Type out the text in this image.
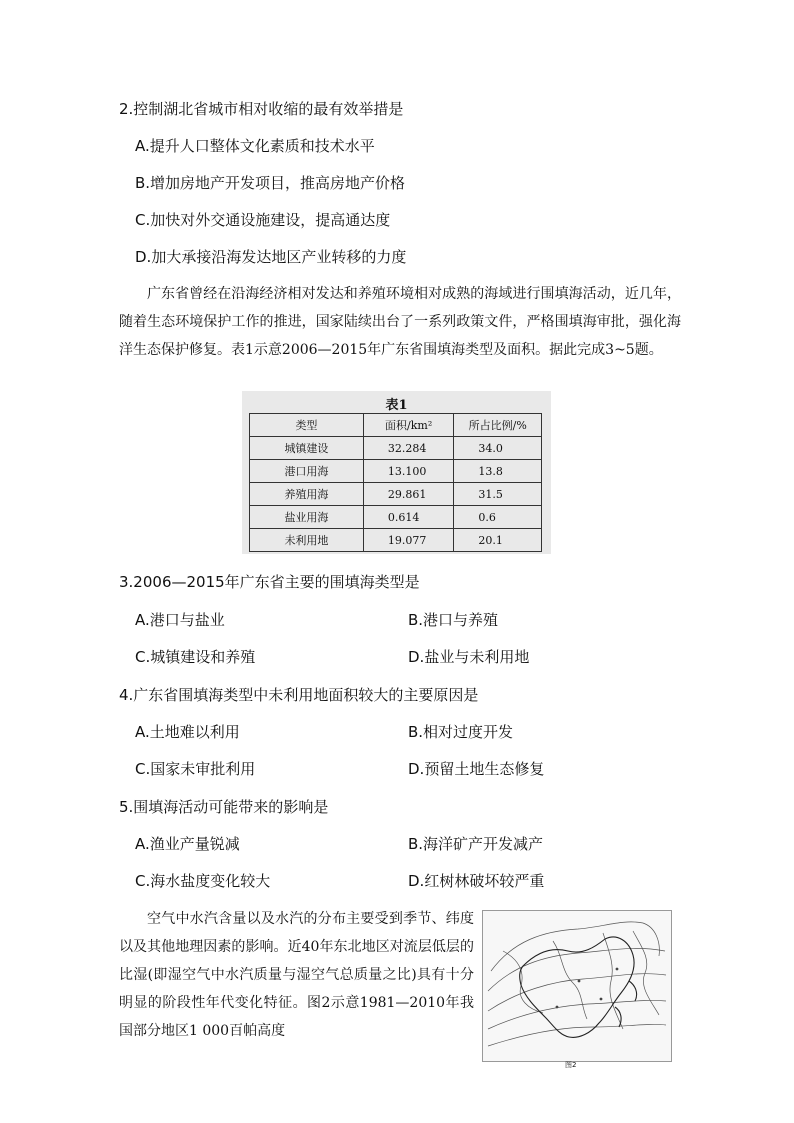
2.控制湖北省城市相对收缩的最有效举措是
A.提升人口整体文化素质和技术水平
B.增加房地产开发项目，推高房地产价格
C.加快对外交通设施建设，提高通达度
D.加大承接沿海发达地区产业转移的力度
广东省曾经在沿海经济相对发达和养殖环境相对成熟的海域进行围填海活动，近几年，随着生态环境保护工作的推进，国家陆续出台了一系列政策文件，严格围填海审批，强化海洋生态保护修复。表1示意2006—2015年广东省围填海类型及面积。据此完成3~5题。
表1
类型	面积/km²	所占比例/%
城镇建设	32.284	34.0
港口用海	13.100	13.8
养殖用海	29.861	31.5
盐业用海	0.614	0.6
未利用地	19.077	20.1
3.2006—2015年广东省主要的围填海类型是
A.港口与盐业	B.港口与养殖
C.城镇建设和养殖	D.盐业与未利用地
4.广东省围填海类型中未利用地面积较大的主要原因是
A.土地难以利用	B.相对过度开发
C.国家未审批利用	D.预留土地生态修复
5.围填海活动可能带来的影响是
A.渔业产量锐减	B.海洋矿产开发减产
C.海水盐度变化较大	D.红树林破坏较严重
空气中水汽含量以及水汽的分布主要受到季节、纬度以及其他地理因素的影响。近40年东北地区对流层低层的比湿(即湿空气中水汽质量与湿空气总质量之比)具有十分明显的阶段性年代变化特征。图2示意1981—2010年我国部分地区1 000百帕高度
图2
